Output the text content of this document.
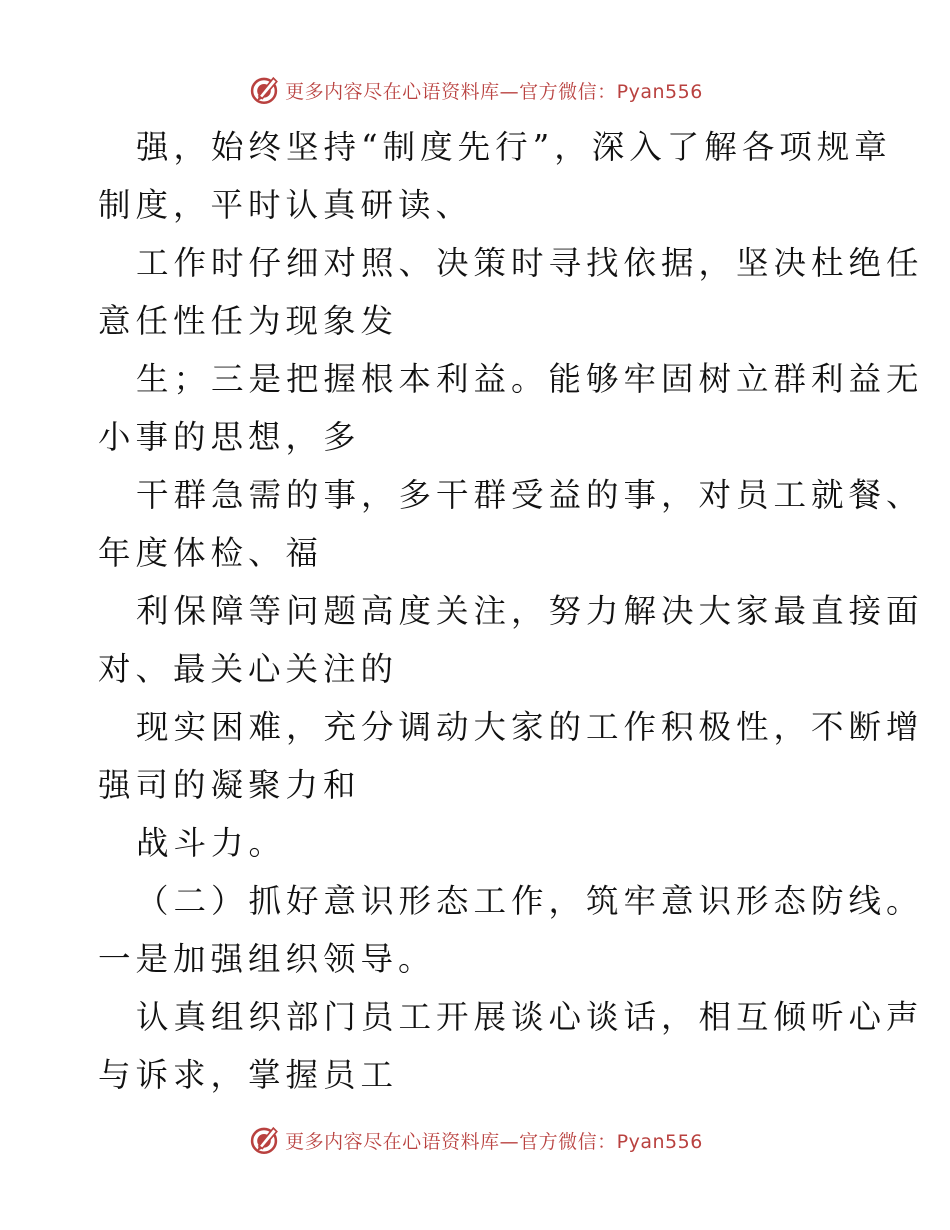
更多内容尽在心语资料库—官方微信：Pyan556
强，始终坚持“制度先行”，深入了解各项规章
制度，平时认真研读、
工作时仔细对照、决策时寻找依据，坚决杜绝任
意任性任为现象发
生；三是把握根本利益。能够牢固树立群利益无
小事的思想，多
干群急需的事，多干群受益的事，对员工就餐、
年度体检、福
利保障等问题高度关注，努力解决大家最直接面
对、最关心关注的
现实困难，充分调动大家的工作积极性，不断增
强司的凝聚力和
战斗力。
（二）抓好意识形态工作，筑牢意识形态防线。
一是加强组织领导。
认真组织部门员工开展谈心谈话，相互倾听心声
与诉求，掌握员工
更多内容尽在心语资料库—官方微信：Pyan556
